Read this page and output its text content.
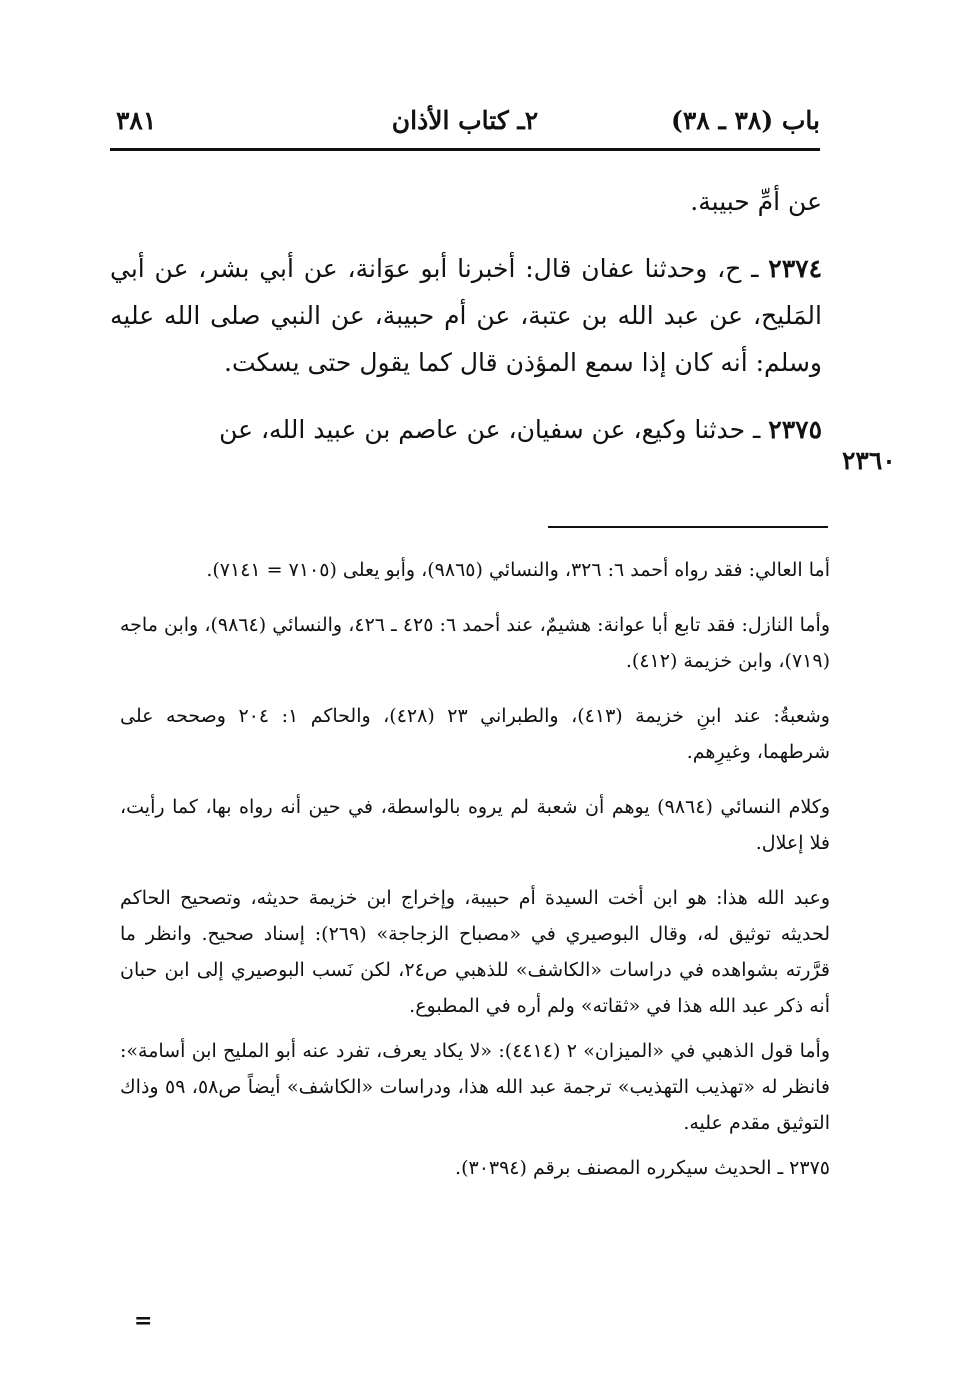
باب (٣٨ ـ ٣٨)
٢ـ كتاب الأذان
٣٨١

عن أمِّ حبيبة.

٢٣٧٤ ـ ح، وحدثنا عفان قال: أخبرنا أبو عوَانة، عن أبي بشر، عن أبي المَليح، عن عبد الله بن عتبة، عن أم حبيبة، عن النبي صلى الله عليه وسلم: أنه كان إذا سمع المؤذن قال كما يقول حتى يسكت.

٢٣٧٥ ـ حدثنا وكيع، عن سفيان، عن عاصم بن عبيد الله، عن

٢٣٦٠

أما العالي: فقد رواه أحمد ٦: ٣٢٦، والنسائي (٩٨٦٥)، وأبو يعلى (٧١٠٥ = ٧١٤١).

وأما النازل: فقد تابع أبا عوانة: هشيمٌ، عند أحمد ٦: ٤٢٥ ـ ٤٢٦، والنسائي (٩٨٦٤)، وابن ماجه (٧١٩)، وابن خزيمة (٤١٢).

وشعبةُ: عند ابنِ خزيمة (٤١٣)، والطبراني ٢٣ (٤٢٨)، والحاكم ١: ٢٠٤ وصححه على شرطهما، وغيرِهم.

وكلام النسائي (٩٨٦٤) يوهم أن شعبة لم يروه بالواسطة، في حين أنه رواه بها، كما رأيت، فلا إعلال.

وعبد الله هذا: هو ابن أخت السيدة أم حبيبة، وإخراج ابن خزيمة حديثه، وتصحيح الحاكم لحديثه توثيق له، وقال البوصيري في «مصباح الزجاجة» (٢٦٩): إسناد صحيح. وانظر ما قرَّرته بشواهده في دراسات «الكاشف» للذهبي ص٢٤، لكن نَسب البوصيري إلى ابن حبان أنه ذكر عبد الله هذا في «ثقاته» ولم أره في المطبوع.

وأما قول الذهبي في «الميزان» ٢ (٤٤١٤): «لا يكاد يعرف، تفرد عنه أبو المليح ابن أسامة»: فانظر له «تهذيب التهذيب» ترجمة عبد الله هذا، ودراسات «الكاشف» أيضاً ص٥٨، ٥٩ وذاك التوثيق مقدم عليه.

٢٣٧٥ ـ الحديث سيكرره المصنف برقم (٣٠٣٩٤).

=
